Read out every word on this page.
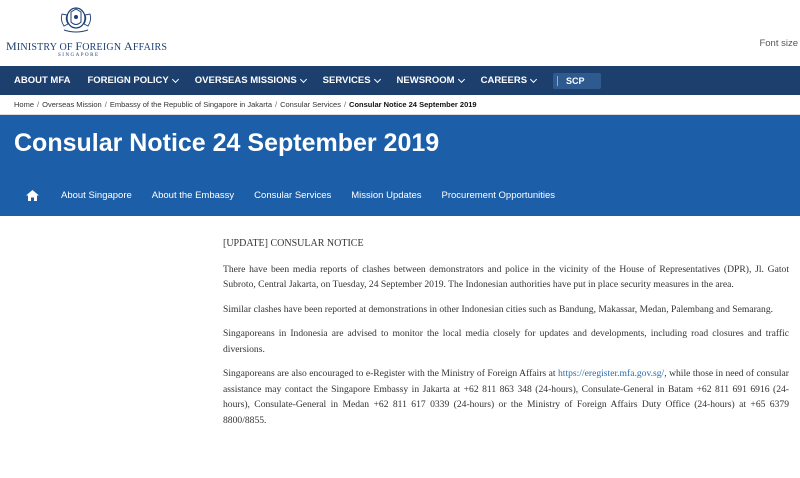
MINISTRY OF FOREIGN AFFAIRS
SINGAPORE
Font size
ABOUT MFA FOREIGN POLICY	OVERSEAS MISSIONS	SERVICES	NEWSROOM	CAREERS	SCP
Home / Overseas Mission / Embassy of the Republic of Singapore in Jakarta / Consular Services / Consular Notice 24 September 2019
Consular Notice 24 September 2019
About Singapore About the Embassy Consular Services Mission Updates Procurement Opportunities
[UPDATE] CONSULAR NOTICE

There have been media reports of clashes between demonstrators and police in the vicinity of the House of Representatives (DPR), Jl. Gatot Subroto, Central Jakarta, on Tuesday, 24 September 2019. The Indonesian authorities have put in place security measures in the area.

Similar clashes have been reported at demonstrations in other Indonesian cities such as Bandung, Makassar, Medan, Palembang and Semarang.

Singaporeans in Indonesia are advised to monitor the local media closely for updates and developments, including road closures and traffic diversions.

Singaporeans are also encouraged to e-Register with the Ministry of Foreign Affairs at https://eregister.mfa.gov.sg/, while those in need of consular assistance may contact the Singapore Embassy in Jakarta at +62 811 863 348 (24-hours), Consulate-General in Batam +62 811 691 6916 (24-hours), Consulate-General in Medan +62 811 617 0339 (24-hours) or the Ministry of Foreign Affairs Duty Office (24-hours) at +65 6379 8800/8855.
